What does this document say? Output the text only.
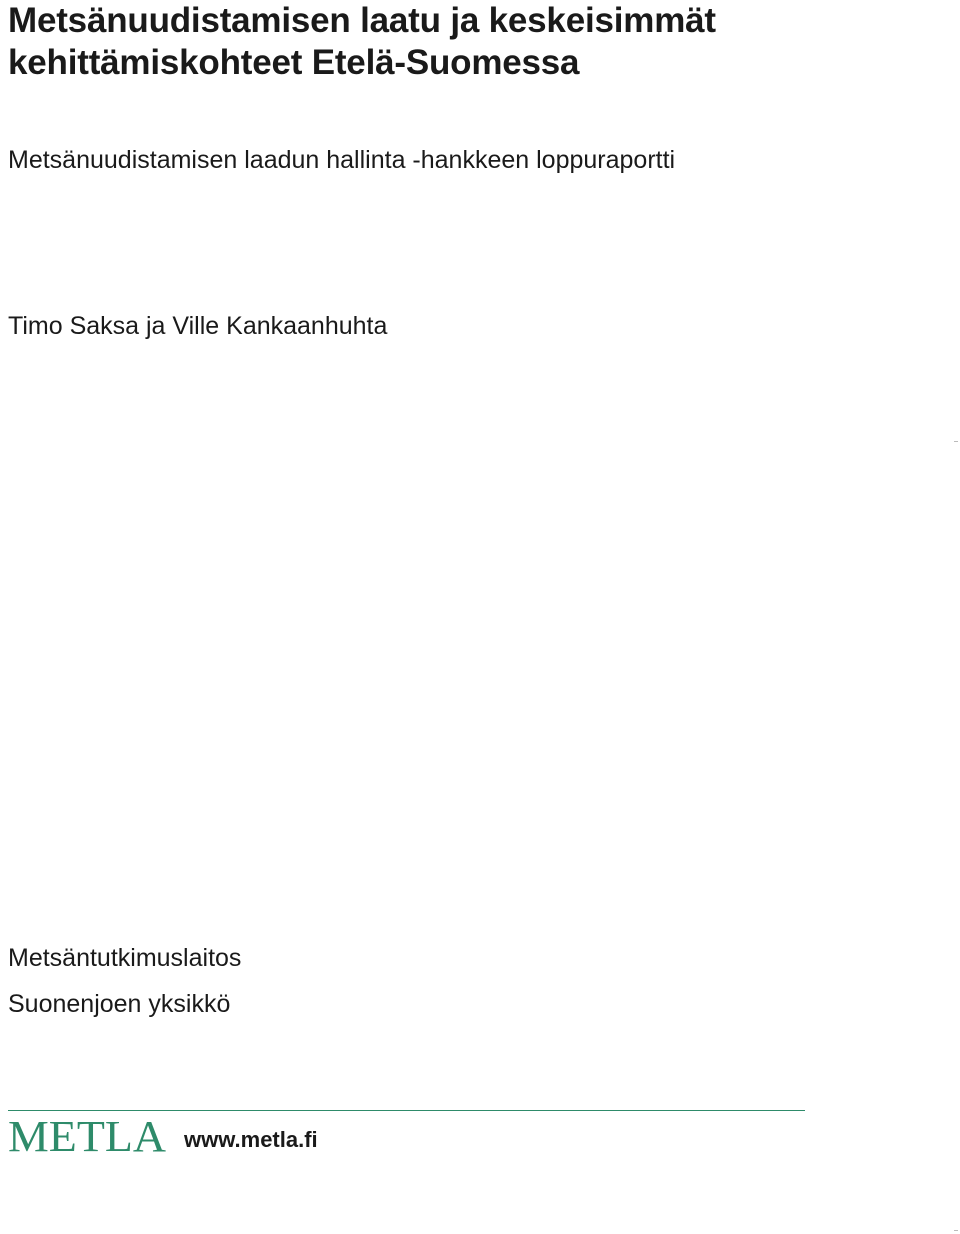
Metsänuudistamisen laatu ja keskeisimmät
kehittämiskohteet Etelä-Suomessa

Metsänuudistamisen laadun hallinta -hankkeen loppuraportti

Timo Saksa ja Ville Kankaanhuhta

Metsäntutkimuslaitos
Suonenjoen yksikkö
METLA www.metla.fi
